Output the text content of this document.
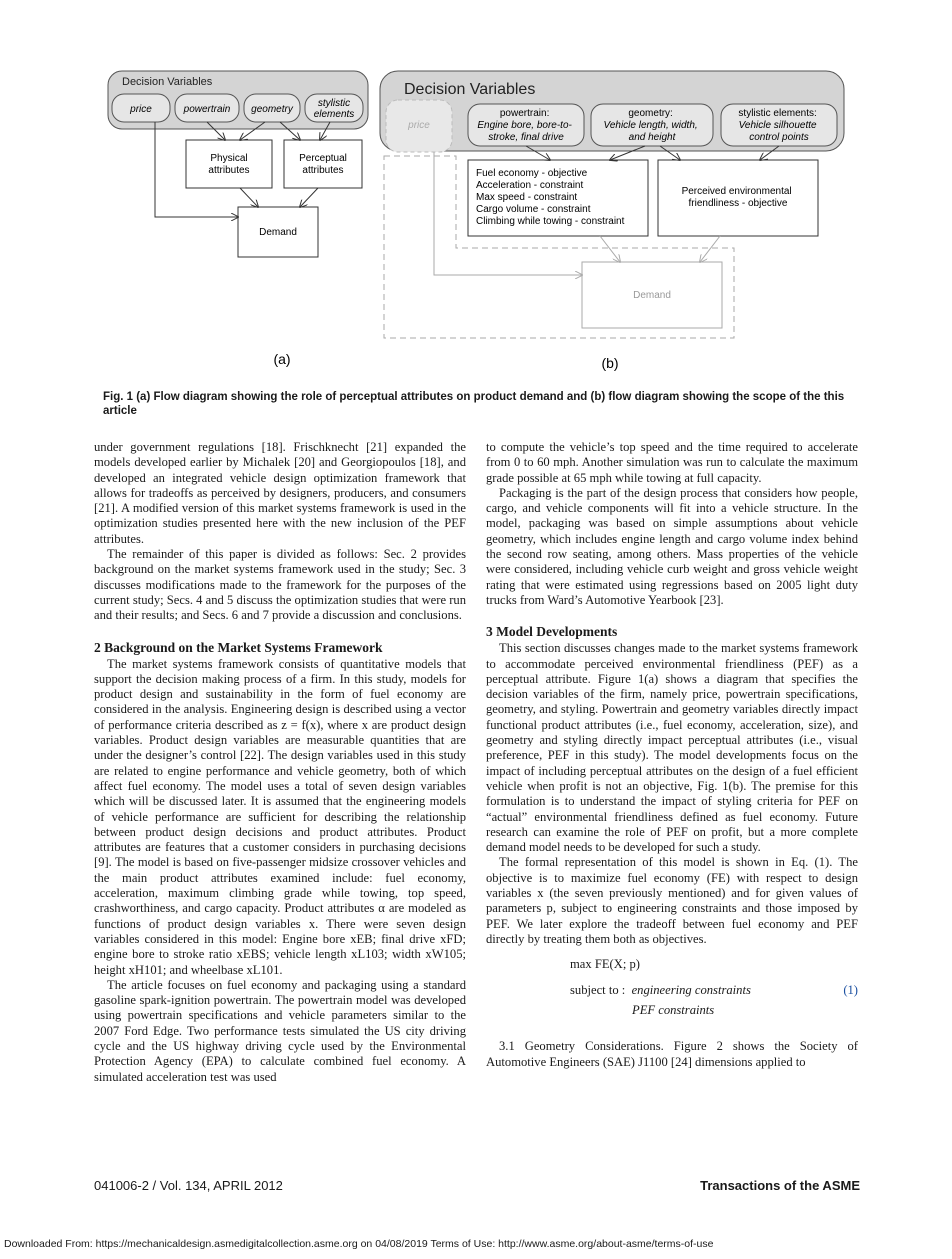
Decision Variables
price	powertrain geometry
stylistic elements
Physical attributes
Perceptual attributes
Demand
(a)
Decision Variables
price
powertrain: Engine bore, bore-to- stroke, final drive
geometry: Vehicle length, width, and height
stylistic elements: Vehicle silhouette control points
Fuel economy - objective Acceleration - constraint Max speed - constraint Cargo volume - constraint Climbing while towing - constraint
Perceived environmental friendliness - objective
Demand
(b)
Fig. 1 (a) Flow diagram showing the role of perceptual attributes on product demand and (b) flow diagram showing the scope of the this article

under government regulations [18]. Frischknecht [21] expanded the models developed earlier by Michalek [20] and Georgiopoulos [18], and developed an integrated vehicle design optimization framework that allows for tradeoffs as perceived by designers, producers, and consumers [21]. A modified version of this market systems framework is used in the optimization studies presented here with the new inclusion of the PEF attributes.

The remainder of this paper is divided as follows: Sec. 2 provides background on the market systems framework used in the study; Sec. 3 discusses modifications made to the framework for the purposes of the current study; Secs. 4 and 5 discuss the optimization studies that were run and their results; and Secs. 6 and 7 provide a discussion and conclusions.

2 Background on the Market Systems Framework

The market systems framework consists of quantitative models that support the decision making process of a firm. In this study, models for product design and sustainability in the form of fuel economy are considered in the analysis. Engineering design is described using a vector of performance criteria described as z = f(x), where x are product design variables. Product design variables are measurable quantities that are under the designer’s control [22]. The design variables used in this study are related to engine performance and vehicle geometry, both of which affect fuel economy. The model uses a total of seven design variables which will be discussed later. It is assumed that the engineering models of vehicle performance are sufficient for describing the relationship between product design decisions and product attributes. Product attributes are features that a customer considers in purchasing decisions [9]. The model is based on five-passenger midsize crossover vehicles and the main product attributes examined include: fuel economy, acceleration, maximum climbing grade while towing, top speed, crashworthiness, and cargo capacity. Product attributes α are modeled as functions of product design variables x. There were seven design variables considered in this model: Engine bore xEB; final drive xFD; engine bore to stroke ratio xEBS; vehicle length xL103; width xW105; height xH101; and wheelbase xL101.

The article focuses on fuel economy and packaging using a standard gasoline spark-ignition powertrain. The powertrain model was developed using powertrain specifications and vehicle parameters similar to the 2007 Ford Edge. Two performance tests simulated the US city driving cycle and the US highway driving cycle used by the Environmental Protection Agency (EPA) to calculate combined fuel economy. A simulated acceleration test was used

to compute the vehicle’s top speed and the time required to accelerate from 0 to 60 mph. Another simulation was run to calculate the maximum grade possible at 65 mph while towing at full capacity.

Packaging is the part of the design process that considers how people, cargo, and vehicle components will fit into a vehicle structure. In the model, packaging was based on simple assumptions about vehicle geometry, which includes engine length and cargo volume index behind the second row seating, among others. Mass properties of the vehicle were considered, including vehicle curb weight and gross vehicle weight rating that were estimated using regressions based on 2005 light duty trucks from Ward’s Automotive Yearbook [23].

3 Model Developments

This section discusses changes made to the market systems framework to accommodate perceived environmental friendliness (PEF) as a perceptual attribute. Figure 1(a) shows a diagram that specifies the decision variables of the firm, namely price, powertrain specifications, geometry, and styling. Powertrain and geometry variables directly impact functional product attributes (i.e., fuel economy, acceleration, size), and geometry and styling directly impact perceptual attributes (i.e., visual preference, PEF in this study). The model developments focus on the impact of including perceptual attributes on the design of a fuel efficient vehicle when profit is not an objective, Fig. 1(b). The premise for this formulation is to understand the impact of styling criteria for PEF on “actual” environmental friendliness defined as fuel economy. Future research can examine the role of PEF on profit, but a more complete demand model needs to be developed for such a study.

The formal representation of this model is shown in Eq. (1). The objective is to maximize fuel economy (FE) with respect to design variables x (the seven previously mentioned) and for given values of parameters p, subject to engineering constraints and those imposed by PEF. We later explore the tradeoff between fuel economy and PEF directly by treating them both as objectives.

max FE(X; p)
subject to : engineering constraints
PEF constraints
(1)

3.1 Geometry Considerations. Figure 2 shows the Society of Automotive Engineers (SAE) J1100 [24] dimensions applied to

041006-2 / Vol. 134, APRIL 2012	Transactions of the ASME
Downloaded From: https://mechanicaldesign.asmedigitalcollection.asme.org on 04/08/2019 Terms of Use: http://www.asme.org/about-asme/terms-of-use
